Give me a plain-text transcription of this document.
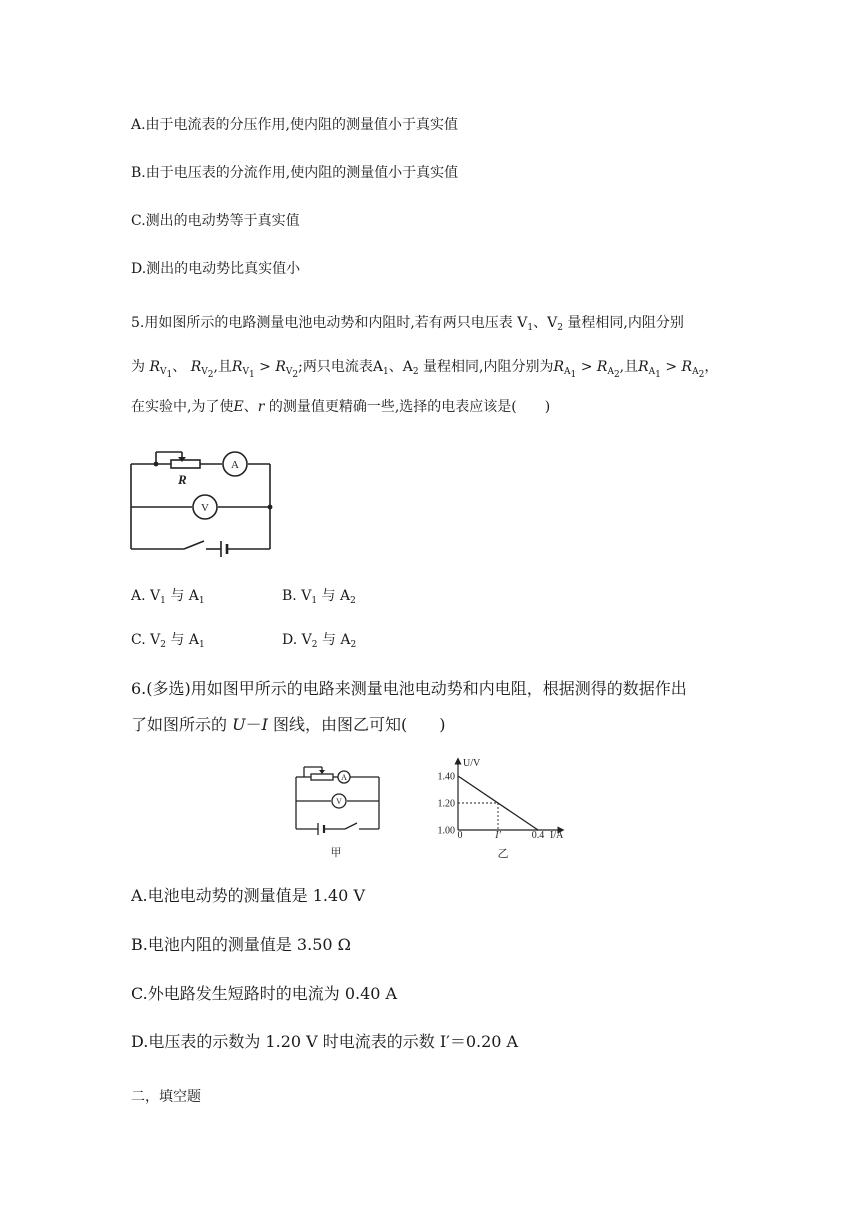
A.由于电流表的分压作用,使内阻的测量值小于真实值
B.由于电压表的分流作用,使内阻的测量值小于真实值
C.测出的电动势等于真实值
D.测出的电动势比真实值小
5.用如图所示的电路测量电池电动势和内阻时,若有两只电压表 $V_1$、$V_2$ 量程相同,内阻分别
为 $R_{V_1}$、 $R_{V_2}$,且$R_{V_1} > R_{V_2}$;两只电流表$A_1$、$A_2$ 量程相同,内阻分别为$R_{A_1} > R_{A_2}$,且$R_{A_1} > R_{A_2}$，
在实验中,为了使E、r 的测量值更精确一些,选择的电表应该是(　　)
R
A
V
A. $V_1$ 与 $A_1$	B. $V_1$ 与 $A_2$
C. $V_2$ 与 $A_1$	D. $V_2$ 与 $A_2$
6.(多选)用如图甲所示的电路来测量电池电动势和内电阻，根据测得的数据作出
了如图所示的 U－I 图线，由图乙可知(　　)
A
V
甲
U/V
I/A
乙
1.40
1.20
1.00 0	I′	0.4
A.电池电动势的测量值是 1.40 V
B.电池内阻的测量值是 3.50 Ω
C.外电路发生短路时的电流为 0.40 A
D.电压表的示数为 1.20 V 时电流表的示数 I′＝0.20 A
二，填空题
